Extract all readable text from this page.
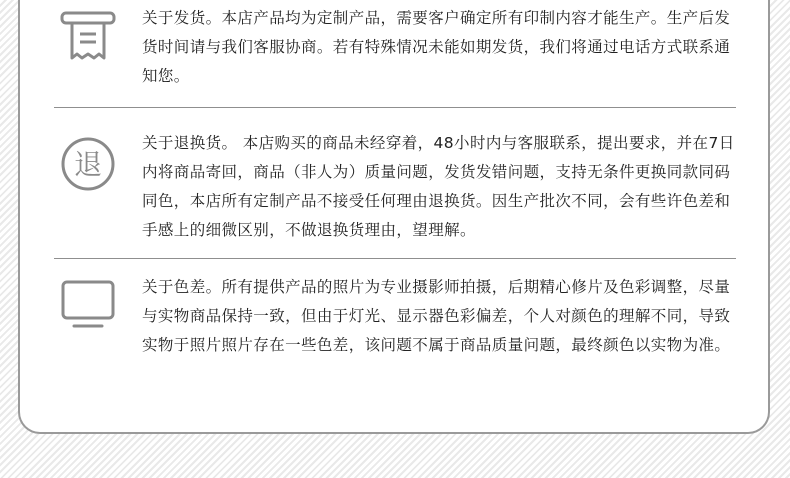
关于发货。本店产品均为定制产品，需要客户确定所有印制内容才能生产。生产后发货时间请与我们客服协商。若有特殊情况未能如期发货，我们将通过电话方式联系通知您。

退

关于退换货。 本店购买的商品未经穿着，48小时内与客服联系，提出要求，并在7日内将商品寄回，商品（非人为）质量问题，发货发错问题，支持无条件更换同款同码同色，本店所有定制产品不接受任何理由退换货。因生产批次不同，会有些许色差和手感上的细微区别，不做退换货理由，望理解。

关于色差。所有提供产品的照片为专业摄影师拍摄，后期精心修片及色彩调整，尽量与实物商品保持一致，但由于灯光、显示器色彩偏差，个人对颜色的理解不同，导致实物于照片照片存在一些色差，该问题不属于商品质量问题，最终颜色以实物为准。
